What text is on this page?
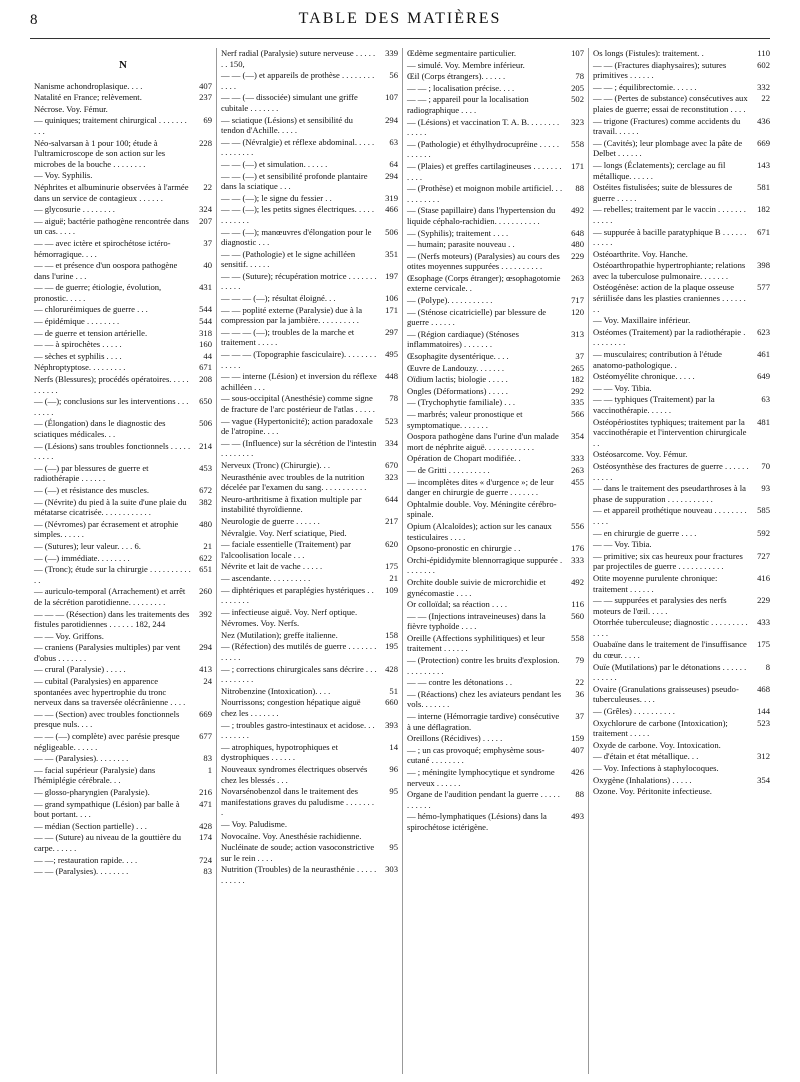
8	TABLE DES MATIÈRES
N
Nanisme achondroplasique. . . .	407
Natalité en France; relèvement.	237
Nécrose. Voy. Fémur.
— quiniques; traitement chirurgical . . . . . . . . . .
69
Néo-salvarsan à 1 pour 100; étude à l'ultramicroscope de son action sur les microbes de la bouche . . . . . . . .
228
— Voy. Syphilis.
Néphrites et albuminurie observées à l'armée dans un service de contagieux . . . . . .
22
— glycosurie . . . . . . . .	324
— aiguë; bactérie pathogène rencontrée dans un cas. . . . .
207
— — avec ictère et spirochétose ictéro-hémorragique. . . .
37
— — et présence d'un oospora pathogène dans l'urine . . .
40
— — de guerre; étiologie, évolution, pronostic. . . . .
431
— chloruréimiques de guerre . . .	544
— épidémique . . . . . . . .	544
— de guerre et tension artérielle.	318
— — à spirochètes . . . . .	160
— sèches et syphilis . . . .	44
Néphroptyptose. . . . . . . . .	671
Nerfs (Blessures); procédés opératoires. . . . . . . . . . .
208
— (—); conclusions sur les interventions . . . . . . . .
650
— (Élongation) dans le diagnostic des sciatiques médicales. . .
506
— (Lésions) sans troubles fonctionnels . . . . . . . . . .
214
— (—) par blessures de guerre et radiothérapie . . . . . .
453
— (—) et résistance des muscles.	672
— (Névrite) du pied à la suite d'une plaie du métatarse cicatrisée. . . . . . . . . . . .
382
— (Névromes) par écrasement et atrophie simples. . . . . .
480
— (Sutures); leur valeur. . . . 6.	21
— (—) immédiate. . . . . . . .	622
— (Tronc); étude sur la chirurgie . . . . . . . . . . . .
651
— auriculo-temporal (Arrachement) et arrêt de la sécrétion parotidienne. . . . . . . . .
260
— — — (Résection) dans les traitements des fistules parotidiennes . . . . . . 182, 244
392
— — Voy. Griffons.
— craniens (Paralysies multiples) par vent d'obus . . . . . . .
294
— crural (Paralysie) . . . . .	413
— cubital (Paralysies) en apparence spontanées avec hypertrophie du tronc nerveux dans sa traversée olécrânienne . . . .
24
— — (Section) avec troubles fonctionnels presque nuls. . . .
669
— — (—) complète) avec parésie presque négligeable. . . . . .
677
— — (Paralysies). . . . . . . .	83
— facial supérieur (Paralysie) dans l'hémiplégie cérébrale. . .
1
— glosso-pharyngien (Paralysie).	216
— grand sympathique (Lésion) par balle à bout portant. . . .
471
— médian (Section partielle) . . .	428
— — (Suture) au niveau de la gouttière du carpe. . . . . .
174
— —; restauration rapide. . . .	724
— — (Paralysies). . . . . . . .	83
Nerf radial (Paralysie) suture nerveuse . . . . . . . 150,
339
— — (—) et appareils de prothèse . . . . . . . . . . . .
56
— — (— dissociée) simulant une griffe cubitale . . . . . . .
107
— sciatique (Lésions) et sensibilité du tendon d'Achille. . . . .
294
— — (Névralgie) et réflexe abdominal. . . . . . . . . . . . .
63
— — (—) et simulation. . . . . .	64
— — (—) et sensibilité profonde plantaire dans la sciatique . . .
294
— — (—); le signe du fessier . .	319
— — (—); les petits signes électriques. . . . . . . . . . . .
466
— — (—); manœuvres d'élongation pour le diagnostic . . .
506
— — (Pathologie) et le signe achilléen sensitif. . . . . .
351
— — (Suture); récupération motrice . . . . . . . . . . . .
197
— — — (—); résultat éloigné. . .	106
— — poplité externe (Paralysie) due à la compression par la jambière. . . . . . . . . .
171
— — — (—); troubles de la marche et traitement . . . . .
297
— — — (Topographie fasciculaire). . . . . . . . . . . . .
495
— — interne (Lésion) et inversion du réflexe achilléen . . .
448
— sous-occipital (Anesthésie) comme signe de fracture de l'arc postérieur de l'atlas . . . . .
78
— vague (Hypertonicité); action paradoxale de l'atropine. . . .
523
— — (Influence) sur la sécrétion de l'intestin . . . . . . . .
334
Nerveux (Tronc) (Chirurgie). . .	670
Neurasthénie avec troubles de la nutrition décelée par l'examen du sang. . . . . . . . . . .
323
Neuro-arthritisme à fixation multiple par instabilité thyroïdienne.
644
Neurologie de guerre . . . . . .	217
Névralgie. Voy. Nerf sciatique, Pied.
— faciale essentielle (Traitement) par l'alcoolisation locale . . .
620
Névrite et lait de vache . . . . .	175
— ascendante. . . . . . . . . .	21
— diphtériques et paraplégies hystériques . . . . . . . . .
109
— infectieuse aiguë. Voy. Nerf optique.
Névromes. Voy. Nerfs.
Nez (Mutilation); greffe italienne.	158
— (Réfection) des mutilés de guerre . . . . . . . . . . . .
195
— ; corrections chirurgicales sans décrire . . . . . . . . . . .
428
Nitrobenzine (Intoxication). . . .	51
Nourrissons; congestion hépatique aiguë chez les . . . . . . .
660
— ; troubles gastro-intestinaux et acidose. . . . . . . . . .
393
— atrophiques, hypotrophiques et dystrophiques . . . . . .
14
Nouveaux syndromes électriques observés chez les blessés . . .
96
Novarsénobenzol dans le traitement des manifestations graves du paludisme . . . . . . . .
95
— Voy. Paludisme.
Novocaïne. Voy. Anesthésie rachidienne.
Nucléinate de soude; action vasoconstrictive sur le rein . . . .
95
Nutrition (Troubles) de la neurasthénie . . . . . . . . . . .
303
Œdème segmentaire particulier.	107
— simulé. Voy. Membre inférieur.
Œil (Corps étrangers). . . . . .	78
— — ; localisation précise. . . .	205
— — ; appareil pour la localisation radiographique . . . .
502
— (Lésions) et vaccination T. A. B. . . . . . . . . . . . .
323
— (Pathologie) et éthylhydrocupréine . . . . . . . . . . .
558
— (Plaies) et greffes cartilagineuses . . . . . . . . . . .
171
— (Prothèse) et moignon mobile artificiel. . . . . . . . . . .
88
— (Stase papillaire) dans l'hypertension du liquide céphalo-rachidien. . . . . . . . . . .
492
— (Syphilis); traitement . . . .	648
— humain; parasite nouveau . .	480
— (Nerfs moteurs) (Paralysies) au cours des otites moyennes suppurées . . . . . . . . . .
229
Œsophage (Corps étranger); œsophagotomie externe cervicale. .
263
— (Polype). . . . . . . . . . .	717
— (Sténose cicatricielle) par blessure de guerre . . . . . .
120
— (Région cardiaque) (Sténoses inflammatoires) . . . . . . .
313
Œsophagite dysentérique. . . .	37
Œuvre de Landouzy. . . . . . .	265
Oïdium lactis; biologie . . . . .	182
Ongles (Déformations) . . . . .	292
— (Trychophytie familiale) . . .	335
— marbrés; valeur pronostique et symptomatique. . . . . . .
566
Oospora pathogène dans l'urine d'un malade mort de néphrite aiguë. . . . . . . . . . . .
354
Opération de Chopart modifiée. .	333
— de Gritti . . . . . . . . . .	263
— incomplètes dites « d'urgence »; de leur danger en chirurgie de guerre . . . . . . .
455
Ophtalmie double. Voy. Méningite cérébro-spinale.
Opium (Alcaloïdes); action sur les canaux testiculaires . . . .
556
Opsono-pronostic en chirurgie . .	176
Orchi-épididymite blennorragique suppurée . . . . . . . .
333
Orchite double suivie de microrchidie et gynécomastie . . . .
492
Or colloïdal; sa réaction . . . .	116
— — (Injections intraveineuses) dans la fièvre typhoïde . . . .
560
Oreille (Affections syphilitiques) et leur traitement . . . . . .
558
— (Protection) contre les bruits d'explosion. . . . . . . . . .
79
— — contre les détonations . .	22
— (Réactions) chez les aviateurs pendant les vols. . . . . . .
36
— interne (Hémorragie tardive) consécutive à une déflagration.
37
Oreillons (Récidives) . . . . .	159
— ; un cas provoqué; emphysème sous-cutané . . . . . . . .
407
— ; méningite lymphocytique et syndrome nerveux . . . . . .
426
Organe de l'audition pendant la guerre . . . . . . . . . . .
88
— hémo-lymphatiques (Lésions) dans la spirochétose ictérigène.
493
Os longs (Fistules): traitement. .	110
— — (Fractures diaphysaires); sutures primitives . . . . . .
602
— — ; équilibrectomie. . . . . .	332
— — (Pertes de substance) consécutives aux plaies de guerre; essai de reconstitution . . . .
22
— trigone (Fractures) comme accidents du travail. . . . . .
436
— (Cavités); leur plombage avec la pâte de Delbet . . . . . .
669
— longs (Éclatements); cerclage au fil métallique. . . . . .
143
Ostéites fistulisées; suite de blessures de guerre . . . . .
581
— rebelles; traitement par le vaccin . . . . . . . . . . . .
182
— suppurée à bacille paratyphique B . . . . . . . . . . .
671
Ostéoarthrite. Voy. Hanche.
Ostéoarthropathie hypertrophiante; relations avec la tuberculose pulmonaire. . . . . . .
398
Ostéogénèse: action de la plaque osseuse sériilisée dans les plasties craniennes . . . . . . . .
577
— Voy. Maxillaire inférieur.
Ostéomes (Traitement) par la radiothérapie . . . . . . . . .
623
— musculaires; contribution à l'étude anatomo-pathologique. .
461
Ostéomyélite chronique. . . . .	649
— — Voy. Tibia.
— — typhiques (Traitement) par la vaccinothérapie. . . . . .
63
Ostéopériostites typhiques; traitement par la vaccinothérapie et l'intervention chirurgicale . .
481
Ostéosarcome. Voy. Fémur.
Ostéosynthèse des fractures de guerre . . . . . . . . . . .
70
— dans le traitement des pseudarthroses à la phase de suppuration . . . . . . . . . . .
93
— et appareil prothétique nouveau . . . . . . . . . . . .
585
— en chirurgie de guerre . . . .	592
— — Voy. Tibia.
— primitive; six cas heureux pour fractures par projectiles de guerre . . . . . . . . . . .
727
Otite moyenne purulente chronique: traitement . . . . . .
416
— — suppurées et paralysies des nerfs moteurs de l'œil. . . . .
229
Otorrhée tuberculeuse; diagnostic . . . . . . . . . . . . .
433
Ouabaïne dans le traitement de l'insuffisance du cœur. . . . .
175
Ouïe (Mutilations) par le détonations . . . . . . . . . . . .
8
Ovaire (Granulations graisseuses) pseudo-tuberculeuses. . . .
468
— (Grêles) . . . . . . . . . .	144
Oxychlorure de carbone (Intoxication); traitement . . . . .
523
Oxyde de carbone. Voy. Intoxication.
— d'étain et état métallique. . .	312
— Voy. Infections à staphylocoques.
Oxygène (Inhalations) . . . . .	354
Ozone. Voy. Péritonite infectieuse.
